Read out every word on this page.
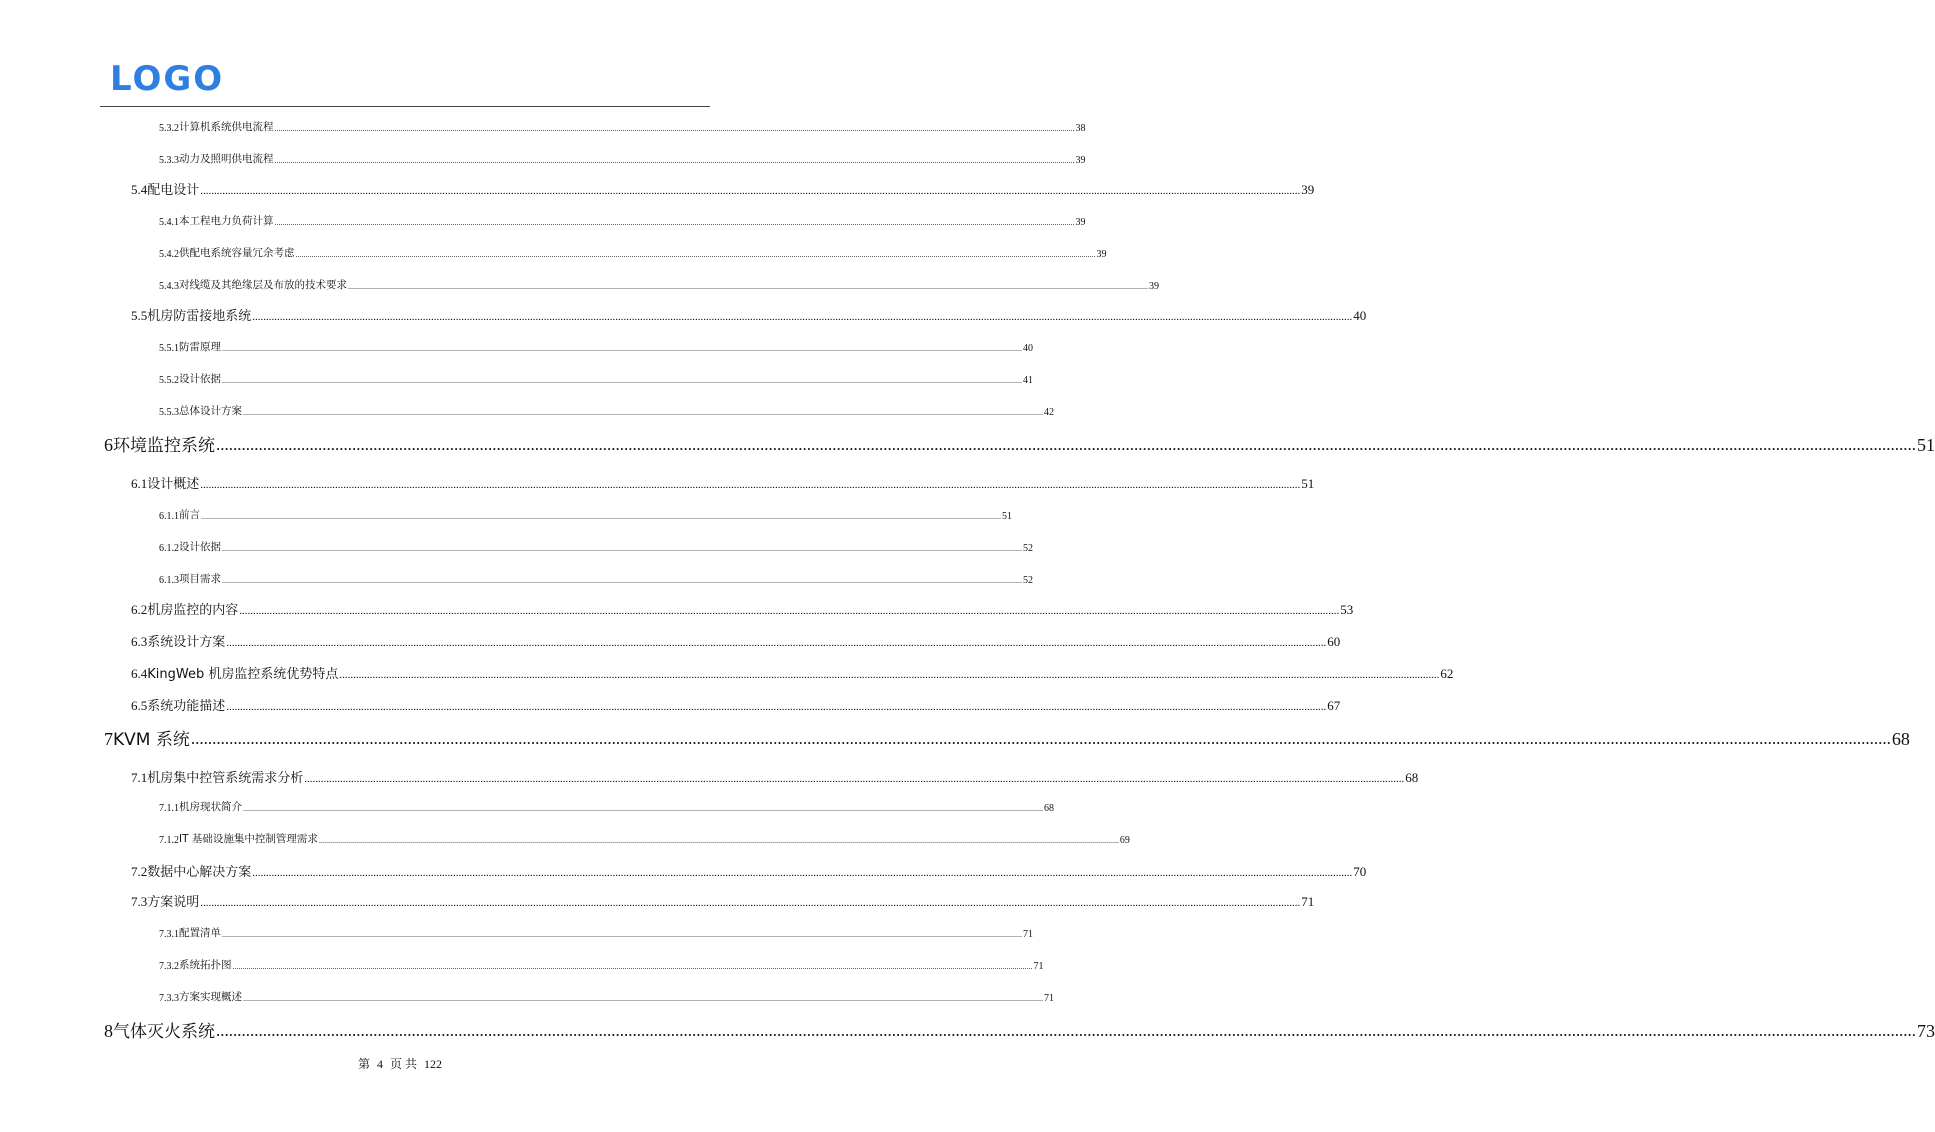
LOGO
5.3.2 计算机系统供电流程 ................................................................................................................................................................................................................................................................................................................................................................................................................ 38
5.3.3 动力及照明供电流程 ................................................................................................................................................................................................................................................................................................................................................................................................................ 39
5.4 配电设计 ................................................................................................................................................................................................................................................................................................................................................................................................................ 39
5.4.1 本工程电力负荷计算 ................................................................................................................................................................................................................................................................................................................................................................................................................ 39
5.4.2 供配电系统容量冗余考虑 ................................................................................................................................................................................................................................................................................................................................................................................................................ 39
5.4.3 对线缆及其绝缘层及布放的技术要求 ................................................................................................................................................................................................................................................................................................................................................................................................................ 39
5.5 机房防雷接地系统 ................................................................................................................................................................................................................................................................................................................................................................................................................ 40
5.5.1 防雷原理 ................................................................................................................................................................................................................................................................................................................................................................................................................ 40
5.5.2 设计依据 ................................................................................................................................................................................................................................................................................................................................................................................................................ 41
5.5.3 总体设计方案 ................................................................................................................................................................................................................................................................................................................................................................................................................ 42
6 环境监控系统 ................................................................................................................................................................................................................................................................................................................................................................................................................ 51
6.1 设计概述 ................................................................................................................................................................................................................................................................................................................................................................................................................ 51
6.1.1 前言 ................................................................................................................................................................................................................................................................................................................................................................................................................ 51
6.1.2 设计依据 ................................................................................................................................................................................................................................................................................................................................................................................................................ 52
6.1.3 项目需求 ................................................................................................................................................................................................................................................................................................................................................................................................................ 52
6.2 机房监控的内容 ................................................................................................................................................................................................................................................................................................................................................................................................................ 53
6.3 系统设计方案 ................................................................................................................................................................................................................................................................................................................................................................................................................ 60
6.4 KingWeb 机房监控系统优势特点 ................................................................................................................................................................................................................................................................................................................................................................................................................ 62
6.5 系统功能描述 ................................................................................................................................................................................................................................................................................................................................................................................................................ 67
7 KVM 系统 ................................................................................................................................................................................................................................................................................................................................................................................................................ 68
7.1 机房集中控管系统需求分析 ................................................................................................................................................................................................................................................................................................................................................................................................................ 68
7.1.1 机房现状简介 ................................................................................................................................................................................................................................................................................................................................................................................................................ 68
7.1.2 IT 基础设施集中控制管理需求 ................................................................................................................................................................................................................................................................................................................................................................................................................ 69
7.2 数据中心解决方案 ................................................................................................................................................................................................................................................................................................................................................................................................................ 70
7.3 方案说明 ................................................................................................................................................................................................................................................................................................................................................................................................................ 71
7.3.1 配置清单 ................................................................................................................................................................................................................................................................................................................................................................................................................ 71
7.3.2 系统拓扑图 ................................................................................................................................................................................................................................................................................................................................................................................................................ 71
7.3.3 方案实现概述 ................................................................................................................................................................................................................................................................................................................................................................................................................ 71
8 气体灭火系统 ................................................................................................................................................................................................................................................................................................................................................................................................................ 73
第 4 页 共 122
